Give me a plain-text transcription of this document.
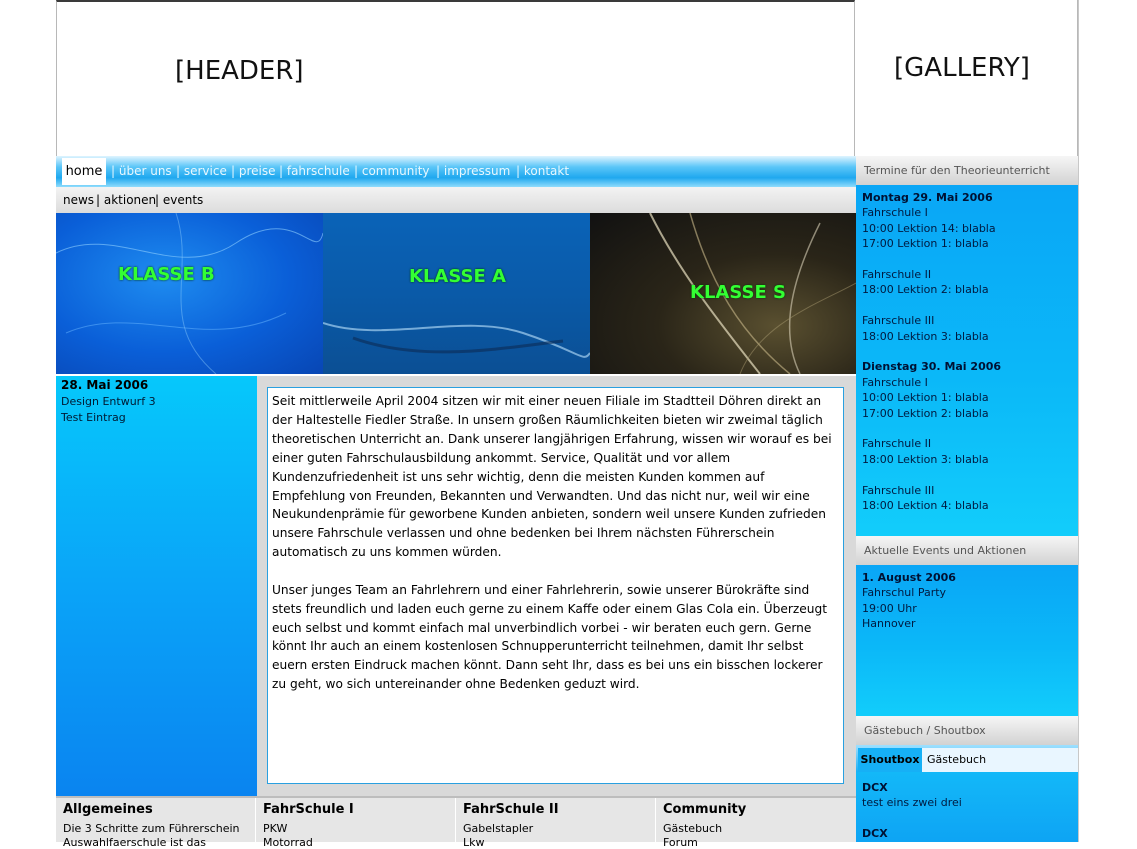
[HEADER]	[GALLERY]
home | über uns | service | preise | fahrschule | community | impressum | kontakt
news | aktionen
| events
KLASSE B	KLASSE A
KLASSE S
28. Mai 2006
Design Entwurf 3
Test Eintrag

Seit mittlerweile April 2004 sitzen wir mit einer neuen Filiale im Stadtteil Döhren direkt an der Haltestelle Fiedler Straße. In unsern großen Räumlichkeiten bieten wir zweimal täglich theoretischen Unterricht an. Dank unserer langjährigen Erfahrung, wissen wir worauf es bei einer guten Fahrschulausbildung ankommt. Service, Qualität und vor allem Kundenzufriedenheit ist uns sehr wichtig, denn die meisten Kunden kommen auf Empfehlung von Freunden, Bekannten und Verwandten. Und das nicht nur, weil wir eine Neukundenprämie für geworbene Kunden anbieten, sondern weil unsere Kunden zufrieden unsere Fahrschule verlassen und ohne bedenken bei Ihrem nächsten Führerschein automatisch zu uns kommen würden.

Unser junges Team an Fahrlehrern und einer Fahrlehrerin, sowie unserer Bürokräfte sind stets freundlich und laden euch gerne zu einem Kaffe oder einem Glas Cola ein. Überzeugt euch selbst und kommt einfach mal unverbindlich vorbei - wir beraten euch gern. Gerne könnt Ihr auch an einem kostenlosen Schnupperunterricht teilnehmen, damit Ihr selbst euern ersten Eindruck machen könnt. Dann seht Ihr, dass es bei uns ein bisschen lockerer zu geht, wo sich untereinander ohne Bedenken geduzt wird.

Allgemeines
Die 3 Schritte zum Führerschein
Auswahlfaerschule ist das
FahrSchule I
PKW
Motorrad
FahrSchule II
Gabelstapler
Lkw
Community
Gästebuch
Forum
Termine für den Theorieunterricht
Montag 29. Mai 2006
Fahrschule I
10:00 Lektion 14: blabla
17:00 Lektion 1: blabla
Fahrschule II
18:00 Lektion 2: blabla
Fahrschule III
18:00 Lektion 3: blabla
Dienstag 30. Mai 2006
Fahrschule I
10:00 Lektion 1: blabla
17:00 Lektion 2: blabla
Fahrschule II
18:00 Lektion 3: blabla
Fahrschule III
18:00 Lektion 4: blabla
Aktuelle Events und Aktionen
1. August 2006
Fahrschul Party
19:00 Uhr
Hannover
Gästebuch / Shoutbox
Shoutbox Gästebuch
DCX
test eins zwei drei
DCX
